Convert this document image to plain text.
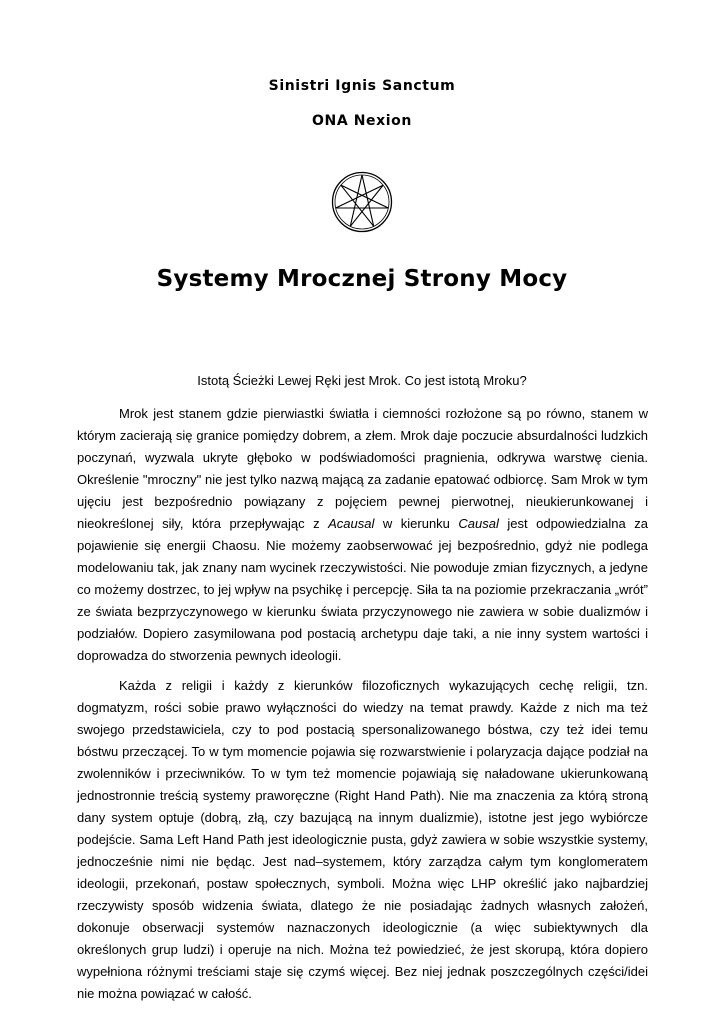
Sinistri Ignis Sanctum
ONA Nexion
Systemy Mrocznej Strony Mocy
Istotą Ścieżki Lewej Ręki jest Mrok. Co jest istotą Mroku?

Mrok jest stanem gdzie pierwiastki światła i ciemności rozłożone są po równo, stanem w którym zacierają się granice pomiędzy dobrem, a złem. Mrok daje poczucie absurdalności ludzkich poczynań, wyzwala ukryte głęboko w podświadomości pragnienia, odkrywa warstwę cienia. Określenie "mroczny" nie jest tylko nazwą mającą za zadanie epatować odbiorcę. Sam Mrok w tym ujęciu jest bezpośrednio powiązany z pojęciem pewnej pierwotnej, nieukierunkowanej i nieokreślonej siły, która przepływając z Acausal w kierunku Causal jest odpowiedzialna za pojawienie się energii Chaosu. Nie możemy zaobserwować jej bezpośrednio, gdyż nie podlega modelowaniu tak, jak znany nam wycinek rzeczywistości. Nie powoduje zmian fizycznych, a jedyne co możemy dostrzec, to jej wpływ na psychikę i percepcję. Siła ta na poziomie przekraczania „wrót” ze świata bezprzyczynowego w kierunku świata przyczynowego nie zawiera w sobie dualizmów i podziałów. Dopiero zasymilowana pod postacią archetypu daje taki, a nie inny system wartości i doprowadza do stworzenia pewnych ideologii.

Każda z religii i każdy z kierunków filozoficznych wykazujących cechę religii, tzn. dogmatyzm, rości sobie prawo wyłączności do wiedzy na temat prawdy. Każde z nich ma też swojego przedstawiciela, czy to pod postacią spersonalizowanego bóstwa, czy też idei temu bóstwu przeczącej. To w tym momencie pojawia się rozwarstwienie i polaryzacja dające podział na zwolenników i przeciwników. To w tym też momencie pojawiają się naładowane ukierunkowaną jednostronnie treścią systemy praworęczne (Right Hand Path). Nie ma znaczenia za którą stroną dany system optuje (dobrą, złą, czy bazującą na innym dualizmie), istotne jest jego wybiórcze podejście. Sama Left Hand Path jest ideologicznie pusta, gdyż zawiera w sobie wszystkie systemy, jednocześnie nimi nie będąc. Jest nad–systemem, który zarządza całym tym konglomeratem ideologii, przekonań, postaw społecznych, symboli. Można więc LHP określić jako najbardziej rzeczywisty sposób widzenia świata, dlatego że nie posiadając żadnych własnych założeń, dokonuje obserwacji systemów naznaczonych ideologicznie (a więc subiektywnych dla określonych grup ludzi) i operuje na nich. Można też powiedzieć, że jest skorupą, która dopiero wypełniona różnymi treściami staje się czymś więcej. Bez niej jednak poszczególnych części/idei nie można powiązać w całość.
